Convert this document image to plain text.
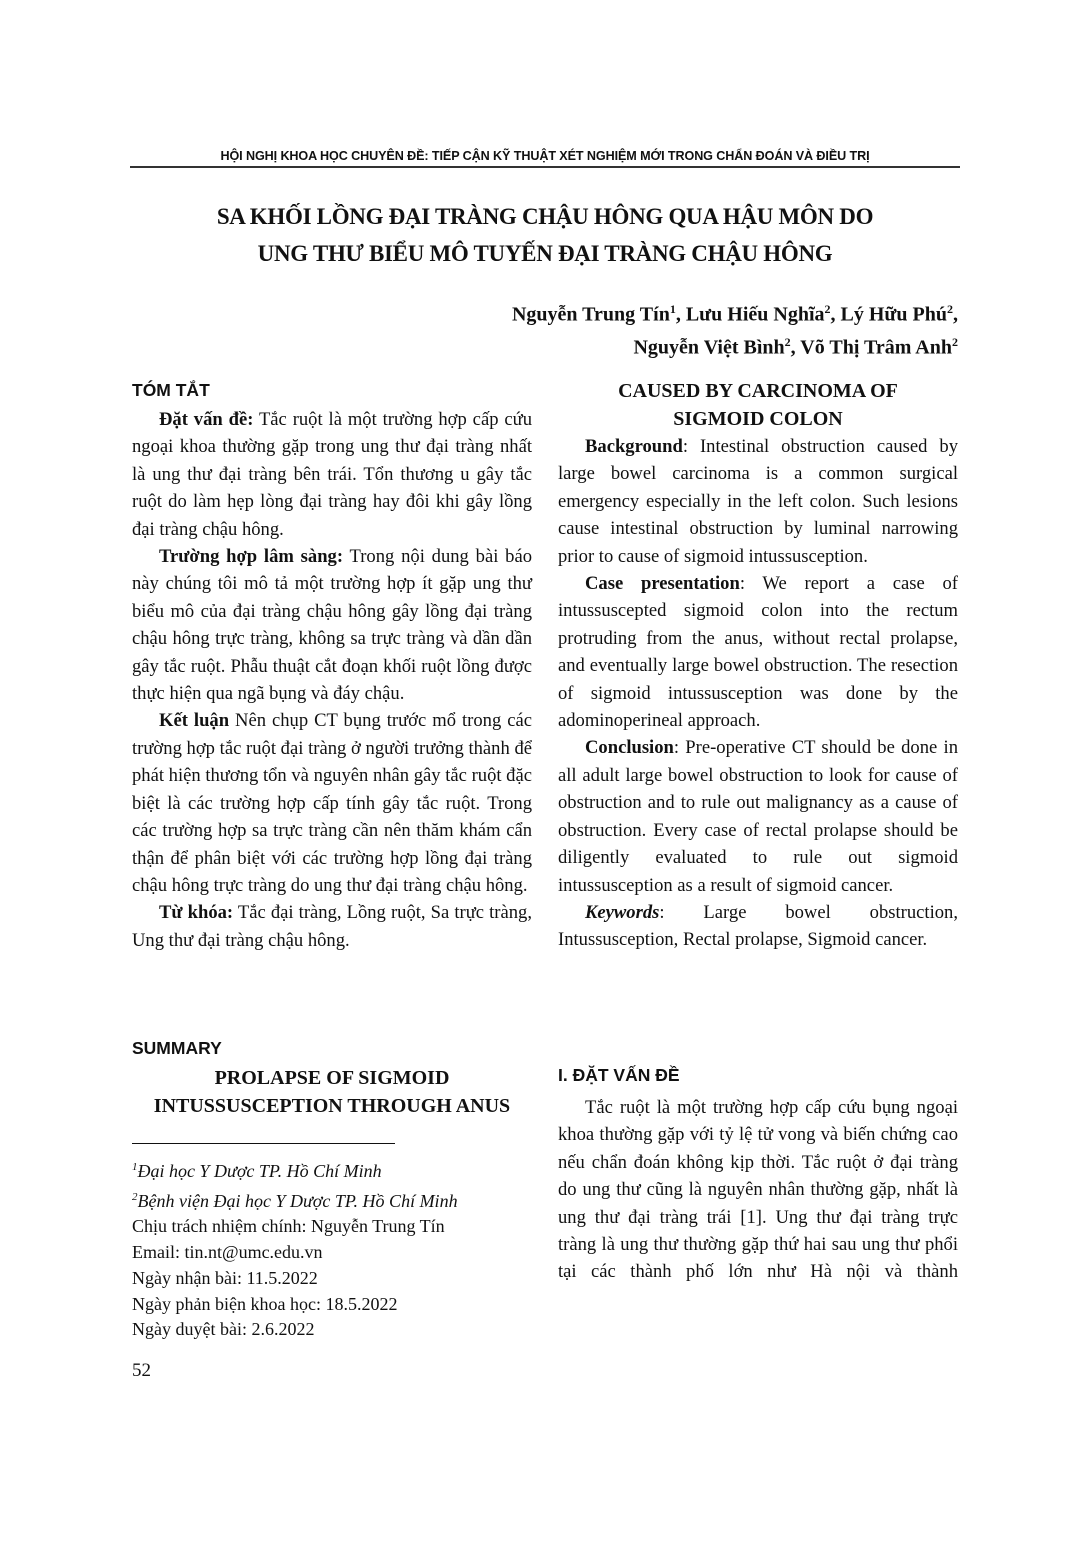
HỘI NGHỊ KHOA HỌC CHUYÊN ĐỀ: TIẾP CẬN KỸ THUẬT XÉT NGHIỆM MỚI TRONG CHẨN ĐOÁN VÀ ĐIỀU TRỊ
SA KHỐI LỒNG ĐẠI TRÀNG CHẬU HÔNG QUA HẬU MÔN DO
UNG THƯ BIỂU MÔ TUYẾN ĐẠI TRÀNG CHẬU HÔNG
Nguyễn Trung Tín$^1$, Lưu Hiếu Nghĩa$^2$, Lý Hữu Phú$^2$,
Nguyễn Việt Bình$^2$, Võ Thị Trâm Anh$^2$
TÓM TẮT

Đặt vấn đề: Tắc ruột là một trường hợp cấp cứu ngoại khoa thường gặp trong ung thư đại tràng nhất là ung thư đại tràng bên trái. Tổn thương u gây tắc ruột do làm hẹp lòng đại tràng hay đôi khi gây lồng đại tràng chậu hông.

Trường hợp lâm sàng: Trong nội dung bài báo này chúng tôi mô tả một trường hợp ít gặp ung thư biểu mô của đại tràng chậu hông gây lồng đại tràng chậu hông trực tràng, không sa trực tràng và dần dần gây tắc ruột. Phẫu thuật cắt đoạn khối ruột lồng được thực hiện qua ngã bụng và đáy chậu.

Kết luận Nên chụp CT bụng trước mổ trong các trường hợp tắc ruột đại tràng ở người trưởng thành để phát hiện thương tổn và nguyên nhân gây tắc ruột đặc biệt là các trường hợp cấp tính gây tắc ruột. Trong các trường hợp sa trực tràng cần nên thăm khám cẩn thận để phân biệt với các trường hợp lồng đại tràng chậu hông trực tràng do ung thư đại tràng chậu hông.

Từ khóa: Tắc đại tràng, Lồng ruột, Sa trực tràng, Ung thư đại tràng chậu hông.

SUMMARY
PROLAPSE OF SIGMOID
INTUSSUSCEPTION THROUGH ANUS
$^1$Đại học Y Dược TP. Hồ Chí Minh
$^2$Bệnh viện Đại học Y Dược TP. Hồ Chí Minh
Chịu trách nhiệm chính: Nguyễn Trung Tín
Email: tin.nt@umc.edu.vn
Ngày nhận bài: 11.5.2022
Ngày phản biện khoa học: 18.5.2022
Ngày duyệt bài: 2.6.2022
52
CAUSED BY CARCINOMA OF
SIGMOID COLON

Background: Intestinal obstruction caused by large bowel carcinoma is a common surgical emergency especially in the left colon. Such lesions cause intestinal obstruction by luminal narrowing prior to cause of sigmoid intussusception.

Case presentation: We report a case of intussuscepted sigmoid colon into the rectum protruding from the anus, without rectal prolapse, and eventually large bowel obstruction. The resection of sigmoid intussusception was done by the adominoperineal approach.

Conclusion: Pre-operative CT should be done in all adult large bowel obstruction to look for cause of obstruction and to rule out malignancy as a cause of obstruction. Every case of rectal prolapse should be diligently evaluated to rule out sigmoid intussusception as a result of sigmoid cancer.

Keywords: Large bowel obstruction, Intussusception, Rectal prolapse, Sigmoid cancer.

I. ĐẶT VẤN ĐỀ

Tắc ruột là một trường hợp cấp cứu bụng ngoại khoa thường gặp với tỷ lệ tử vong và biến chứng cao nếu chẩn đoán không kịp thời. Tắc ruột ở đại tràng do ung thư cũng là nguyên nhân thường gặp, nhất là ung thư đại tràng trái [1]. Ung thư đại tràng trực tràng là ung thư thường gặp thứ hai sau ung thư phổi tại các thành phố lớn như Hà nội và thành
